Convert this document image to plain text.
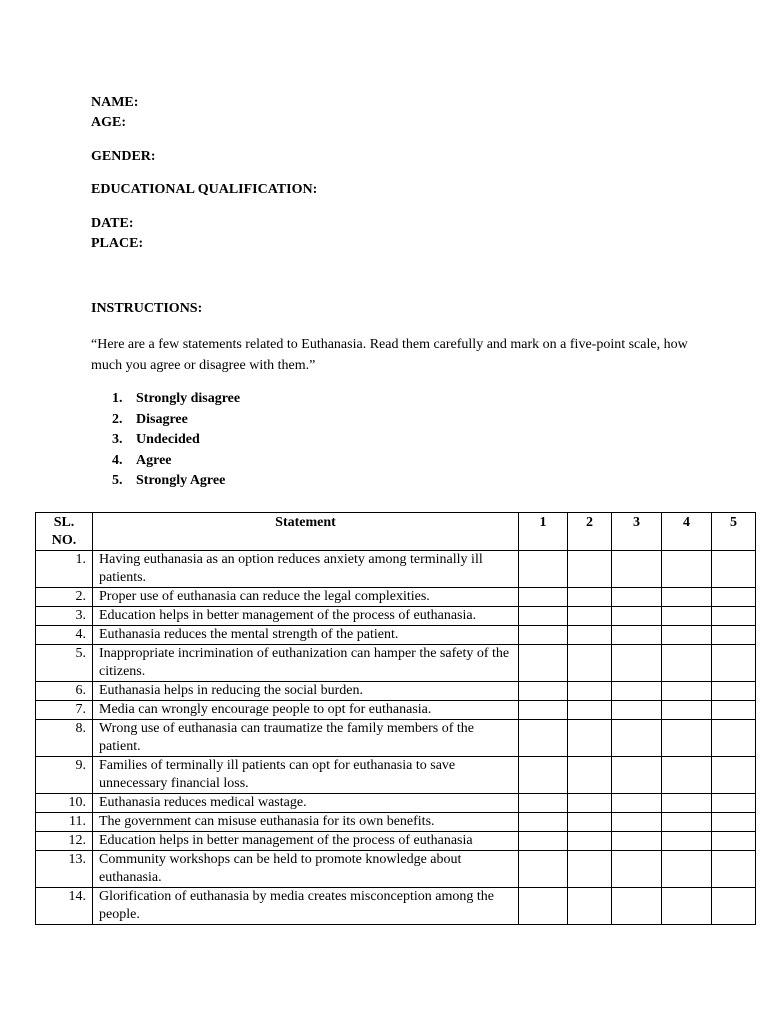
NAME:
AGE:
GENDER:
EDUCATIONAL QUALIFICATION:
DATE:
PLACE:
INSTRUCTIONS:
“Here are a few statements related to Euthanasia. Read them carefully and mark on a five-point scale, how much you agree or disagree with them.”
1. Strongly disagree
2. Disagree
3. Undecided
4. Agree
5. Strongly Agree
SL. NO.	Statement	1	2	3	4	5
1.	Having euthanasia as an option reduces anxiety among terminally ill patients.					
2.	Proper use of euthanasia can reduce the legal complexities.					
3.	Education helps in better management of the process of euthanasia.					
4.	Euthanasia reduces the mental strength of the patient.					
5.	Inappropriate incrimination of euthanization can hamper the safety of the citizens.					
6.	Euthanasia helps in reducing the social burden.					
7.	Media can wrongly encourage people to opt for euthanasia.					
8.	Wrong use of euthanasia can traumatize the family members of the patient.					
9.	Families of terminally ill patients can opt for euthanasia to save unnecessary financial loss.					
10.	Euthanasia reduces medical wastage.					
11.	The government can misuse euthanasia for its own benefits.					
12.	Education helps in better management of the process of euthanasia					
13.	Community workshops can be held to promote knowledge about euthanasia.					
14.	Glorification of euthanasia by media creates misconception among the people.					
